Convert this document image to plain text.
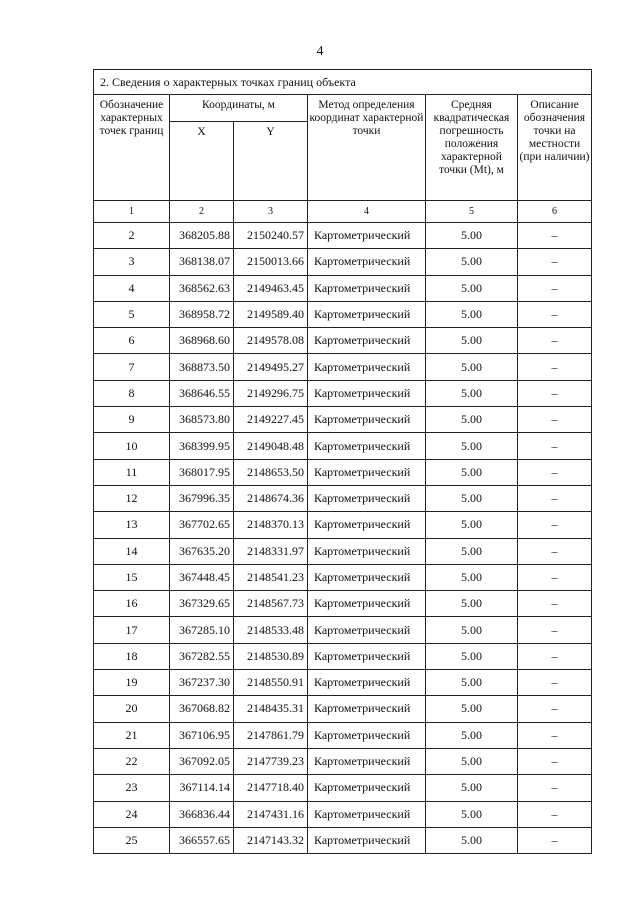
4
2. Сведения о характерных точках границ объекта					
Обозначение характерных точек границ	Координаты, м		Метод определения координат характерной точки	Средняя квадратическая погрешность положения характерной точки (Mt), м	Описание обозначения точки на местности (при наличии)
	X	Y			
1	2	3	4	5	6
2	368205.88	2150240.57	Картометрический	5.00	–
3	368138.07	2150013.66	Картометрический	5.00	–
4	368562.63	2149463.45	Картометрический	5.00	–
5	368958.72	2149589.40	Картометрический	5.00	–
6	368968.60	2149578.08	Картометрический	5.00	–
7	368873.50	2149495.27	Картометрический	5.00	–
8	368646.55	2149296.75	Картометрический	5.00	–
9	368573.80	2149227.45	Картометрический	5.00	–
10	368399.95	2149048.48	Картометрический	5.00	–
11	368017.95	2148653.50	Картометрический	5.00	–
12	367996.35	2148674.36	Картометрический	5.00	–
13	367702.65	2148370.13	Картометрический	5.00	–
14	367635.20	2148331.97	Картометрический	5.00	–
15	367448.45	2148541.23	Картометрический	5.00	–
16	367329.65	2148567.73	Картометрический	5.00	–
17	367285.10	2148533.48	Картометрический	5.00	–
18	367282.55	2148530.89	Картометрический	5.00	–
19	367237.30	2148550.91	Картометрический	5.00	–
20	367068.82	2148435.31	Картометрический	5.00	–
21	367106.95	2147861.79	Картометрический	5.00	–
22	367092.05	2147739.23	Картометрический	5.00	–
23	367114.14	2147718.40	Картометрический	5.00	–
24	366836.44	2147431.16	Картометрический	5.00	–
25	366557.65	2147143.32	Картометрический	5.00	–
